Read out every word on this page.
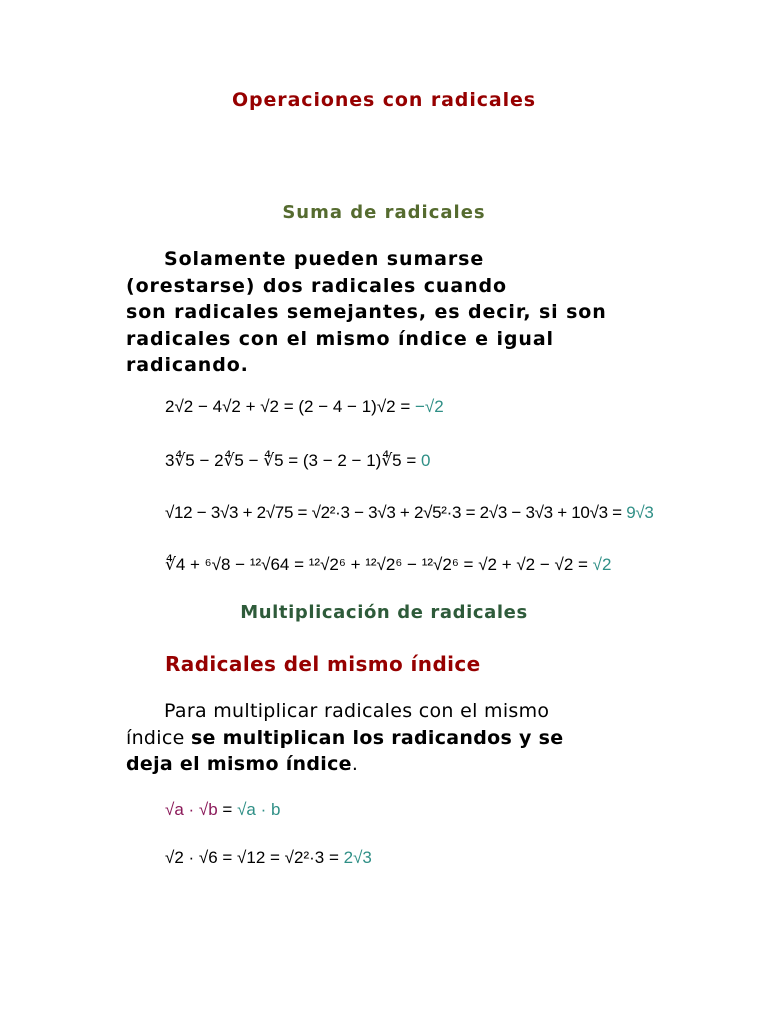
Operaciones con radicales
Suma de radicales

Solamente pueden sumarse
(orestarse) dos radicales cuando
son radicales semejantes, es decir, si son
radicales con el mismo índice e igual
radicando.

2√2 − 4√2 + √2 = (2 − 4 − 1)√2 = −√2
3∜5 − 2∜5 − ∜5 = (3 − 2 − 1)∜5 = 0
√12 − 3√3 + 2√75 = √2²·3 − 3√3 + 2√5²·3 = 2√3 − 3√3 + 10√3 = 9√3
∜4 + ⁶√8 − ¹²√64 = ¹²√2⁶ + ¹²√2⁶ − ¹²√2⁶ = √2 + √2 − √2 = √2
Multiplicación de radicales
Radicales del mismo índice

Para multiplicar radicales con el mismo
índice se multiplican los radicandos y se
deja el mismo índice.

√a · √b = √a · b
√2 · √6 = √12 = √2²·3 = 2√3
